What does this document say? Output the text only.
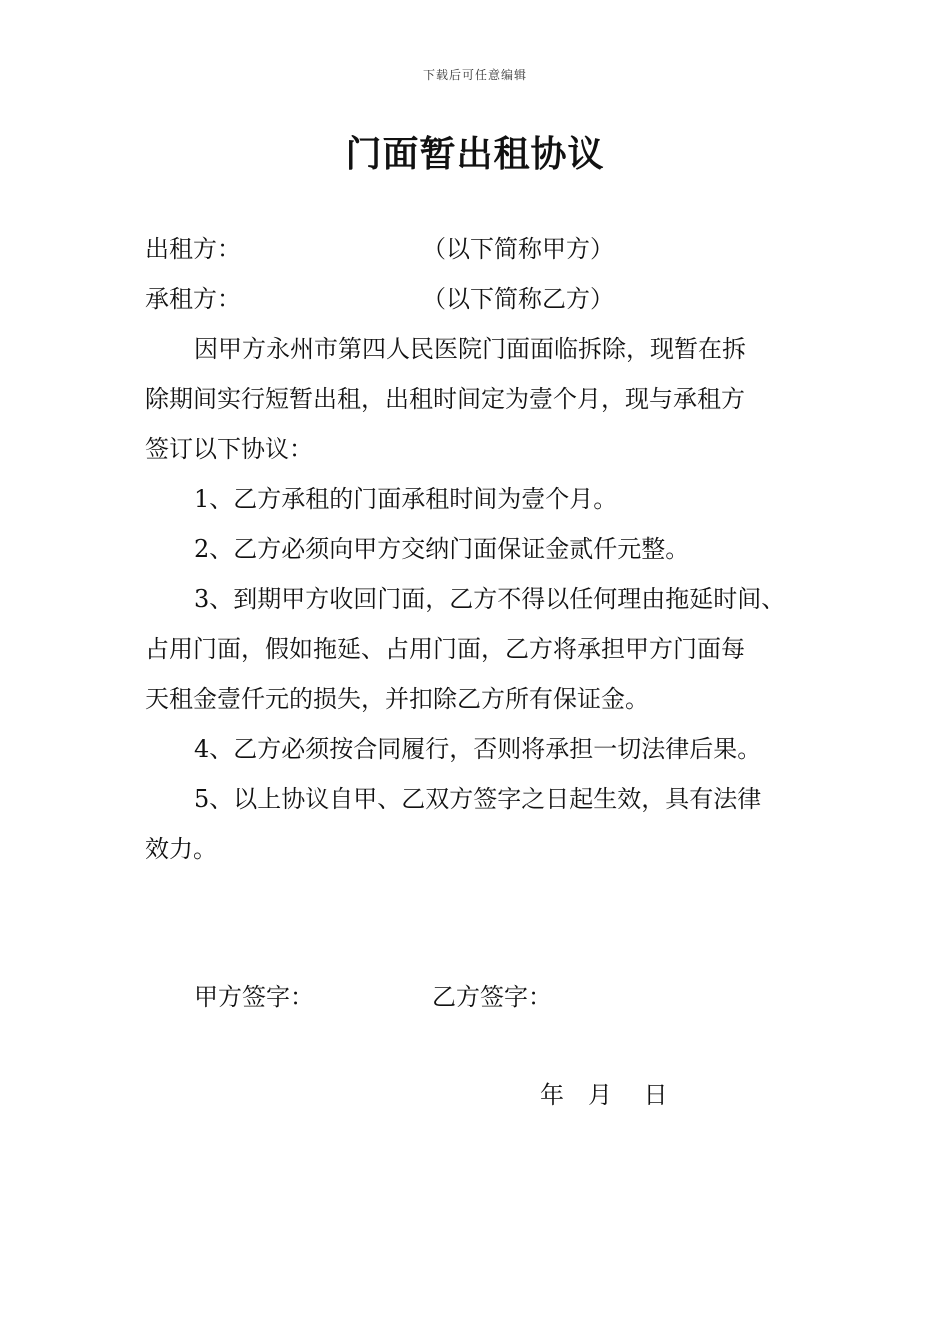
下载后可任意编辑
门面暂出租协议
出租方：	（以下简称甲方）
承租方：	（以下简称乙方）
因甲方永州市第四人民医院门面面临拆除，现暂在拆
除期间实行短暂出租，出租时间定为壹个月，现与承租方
签订以下协议：
1、乙方承租的门面承租时间为壹个月。
2、乙方必须向甲方交纳门面保证金贰仟元整。
3、到期甲方收回门面，乙方不得以任何理由拖延时间、
占用门面，假如拖延、占用门面，乙方将承担甲方门面每
天租金壹仟元的损失，并扣除乙方所有保证金。
4、乙方必须按合同履行，否则将承担一切法律后果。
5、以上协议自甲、乙双方签字之日起生效，具有法律
效力。
甲方签字：	乙方签字：
年　月　 日
